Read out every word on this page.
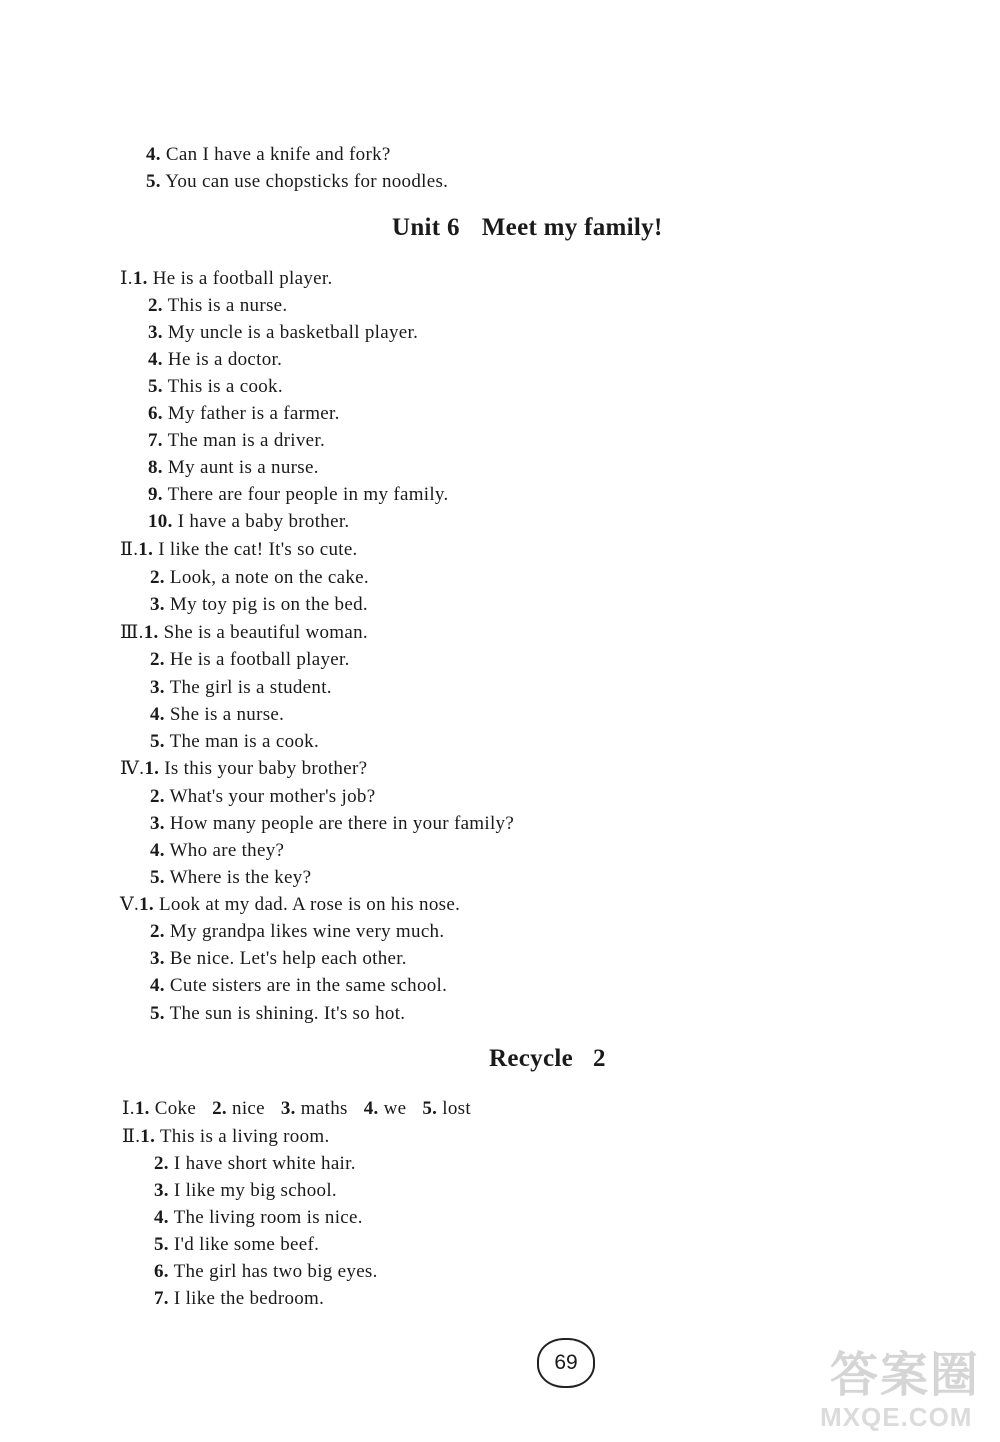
4. Can I have a knife and fork?
5. You can use chopsticks for noodles.
Unit 6 Meet my family!
Ⅰ.1. He is a football player.
2. This is a nurse.
3. My uncle is a basketball player.
4. He is a doctor.
5. This is a cook.
6. My father is a farmer.
7. The man is a driver.
8. My aunt is a nurse.
9. There are four people in my family.
10. I have a baby brother.
Ⅱ.1. I like the cat! It's so cute.
2. Look, a note on the cake.
3. My toy pig is on the bed.
Ⅲ.1. She is a beautiful woman.
2. He is a football player.
3. The girl is a student.
4. She is a nurse.
5. The man is a cook.
Ⅳ.1. Is this your baby brother?
2. What's your mother's job?
3. How many people are there in your family?
4. Who are they?
5. Where is the key?
Ⅴ.1. Look at my dad. A rose is on his nose.
2. My grandpa likes wine very much.
3. Be nice. Let's help each other.
4. Cute sisters are in the same school.
5. The sun is shining. It's so hot.
Recycle 2
Ⅰ.1. Coke 2. nice 3. maths 4. we 5. lost
Ⅱ.1. This is a living room.
2. I have short white hair.
3. I like my big school.
4. The living room is nice.
5. I'd like some beef.
6. The girl has two big eyes.
7. I like the bedroom.
69	答案圈
MXQE.COM
